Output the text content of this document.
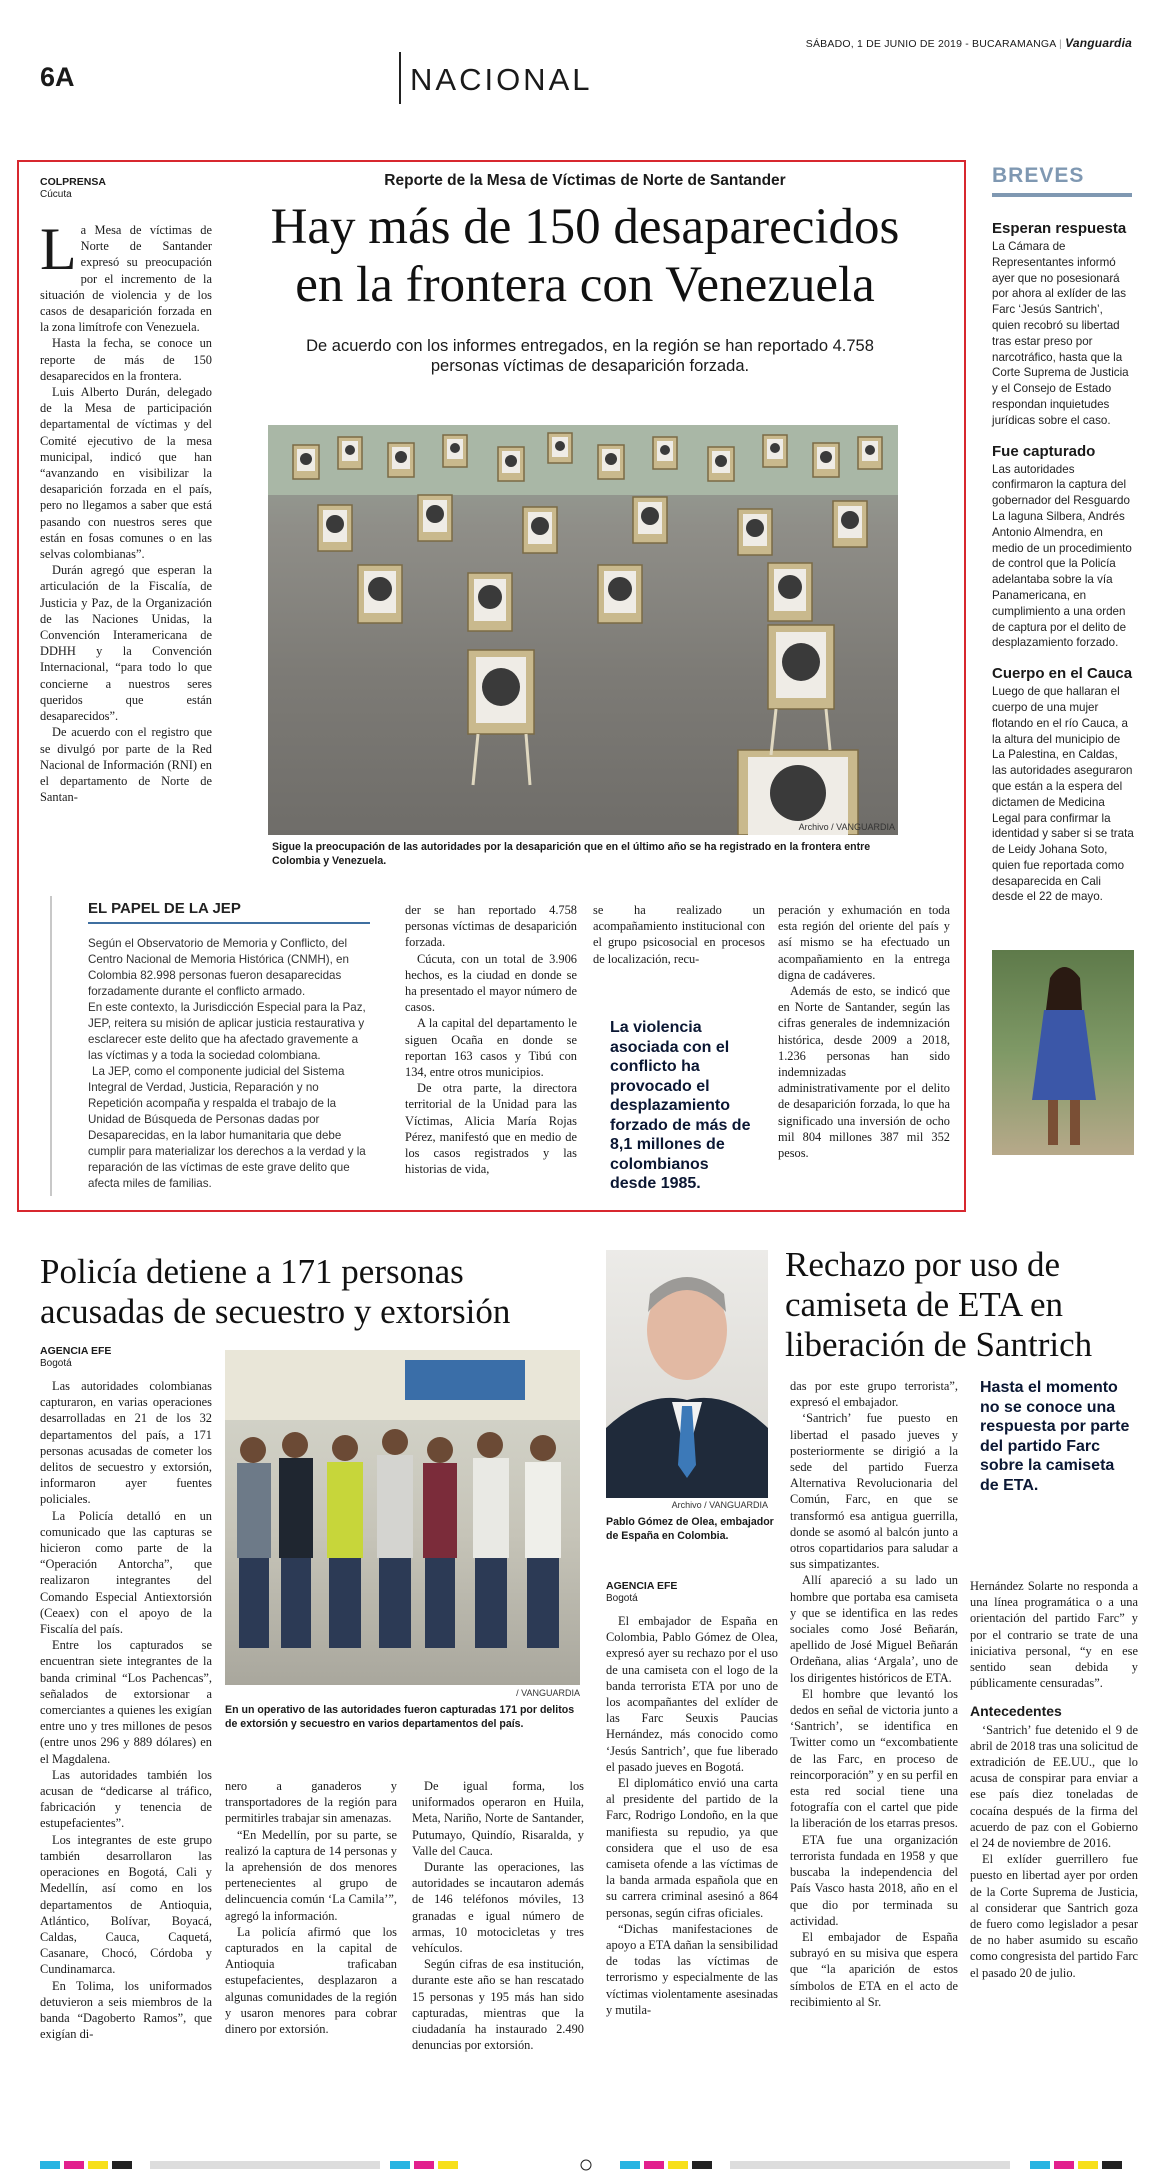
SÁBADO, 1 DE JUNIO DE 2019 - BUCARAMANGA | Vanguardia
6A	NACIONAL
Reporte de la Mesa de Víctimas de Norte de Santander
Hay más de 150 desaparecidos
en la frontera con Venezuela
De acuerdo con los informes entregados, en la región se han reportado 4.758 personas víctimas de desaparición forzada.
COLPRENSA
Cúcuta

La Mesa de víctimas de Norte de Santander expresó su preocupación por el incremento de la situación de violencia y de los casos de desaparición forzada en la zona limítrofe con Venezuela.

Hasta la fecha, se conoce un reporte de más de 150 desaparecidos en la frontera.

Luis Alberto Durán, delegado de la Mesa de participación departamental de víctimas y del Comité ejecutivo de la mesa municipal, indicó que han “avanzando en visibilizar la desaparición forzada en el país, pero no llegamos a saber que está pasando con nuestros seres que están en fosas comunes o en las selvas colombianas”.

Durán agregó que esperan la articulación de la Fiscalía, de Justicia y Paz, de la Organización de las Naciones Unidas, la Convención Interamericana de DDHH y la Convención Internacional, “para todo lo que concierne a nuestros seres queridos que están desaparecidos”.

De acuerdo con el registro que se divulgó por parte de la Red Nacional de Información (RNI) en el departamento de Norte de Santan-

Archivo / VANGUARDIA
Sigue la preocupación de las autoridades por la desaparición que en el último año se ha registrado en la frontera entre Colombia y Venezuela.
EL PAPEL DE LA JEP
Según el Observatorio de Memoria y Conflicto, del Centro Nacional de Memoria Histórica (CNMH), en Colombia 82.998 personas fueron desaparecidas forzadamente durante el conflicto armado.
En este contexto, la Jurisdicción Especial para la Paz, JEP, reitera su misión de aplicar justicia restaurativa y esclarecer este delito que ha afectado gravemente a las víctimas y a toda la sociedad colombiana.
La JEP, como el componente judicial del Sistema Integral de Verdad, Justicia, Reparación y no Repetición acompaña y respalda el trabajo de la Unidad de Búsqueda de Personas dadas por Desaparecidas, en la labor humanitaria que debe cumplir para materializar los derechos a la verdad y la reparación de las víctimas de este grave delito que afecta miles de familias.

der se han reportado 4.758 personas víctimas de desaparición forzada.

Cúcuta, con un total de 3.906 hechos, es la ciudad en donde se ha presentado el mayor número de casos.

A la capital del departamento le siguen Ocaña en donde se reportan 163 casos y Tibú con 134, entre otros municipios.

De otra parte, la directora territorial de la Unidad para las Víctimas, Alicia María Rojas Pérez, manifestó que en medio de los casos registrados y las historias de vida,

se ha realizado un acompañamiento institucional con el grupo psicosocial en procesos de localización, recu-

La violencia asociada con el conflicto ha provocado el desplazamiento forzado de más de 8,1 millones de colombianos desde 1985.

peración y exhumación en toda esta región del oriente del país y así mismo se ha efectuado un acompañamiento en la entrega digna de cadáveres.

Además de esto, se indicó que en Norte de Santander, según las cifras generales de indemnización histórica, desde 2009 a 2018, 1.236 personas han sido indemnizadas administrativamente por el delito de desaparición forzada, lo que ha significado una inversión de ocho mil 804 millones 387 mil 352 pesos.

BREVES
Esperan respuesta
La Cámara de Representantes informó ayer que no posesionará por ahora al exlíder de las Farc ‘Jesús Santrich’, quien recobró su libertad tras estar preso por narcotráfico, hasta que la Corte Suprema de Justicia y el Consejo de Estado respondan inquietudes jurídicas sobre el caso.
Fue capturado
Las autoridades confirmaron la captura del gobernador del Resguardo La laguna Silbera, Andrés Antonio Almendra, en medio de un procedimiento de control que la Policía adelantaba sobre la vía Panamericana, en cumplimiento a una orden de captura por el delito de desplazamiento forzado.
Cuerpo en el Cauca
Luego de que hallaran el cuerpo de una mujer flotando en el río Cauca, a la altura del municipio de La Palestina, en Caldas, las autoridades aseguraron que están a la espera del dictamen de Medicina Legal para confirmar la identidad y saber si se trata de Leidy Johana Soto, quien fue reportada como desaparecida en Cali desde el 22 de mayo.
Policía detiene a 171 personas
acusadas de secuestro y extorsión
AGENCIA EFE
Bogotá

Las autoridades colombianas capturaron, en varias operaciones desarrolladas en 21 de los 32 departamentos del país, a 171 personas acusadas de cometer los delitos de secuestro y extorsión, informaron ayer fuentes policiales.

La Policía detalló en un comunicado que las capturas se hicieron como parte de la “Operación Antorcha”, que realizaron integrantes del Comando Especial Antiextorsión (Ceaex) con el apoyo de la Fiscalía del país.

Entre los capturados se encuentran siete integrantes de la banda criminal “Los Pachencas”, señalados de extorsionar a comerciantes a quienes les exigían entre uno y tres millones de pesos (entre unos 296 y 889 dólares) en el Magdalena.

Las autoridades también los acusan de “dedicarse al tráfico, fabricación y tenencia de estupefacientes”.

Los integrantes de este grupo también desarrollaron las operaciones en Bogotá, Cali y Medellín, así como en los departamentos de Antioquia, Atlántico, Bolívar, Boyacá, Caldas, Cauca, Caquetá, Casanare, Chocó, Córdoba y Cundinamarca.

En Tolima, los uniformados detuvieron a seis miembros de la banda “Dagoberto Ramos”, que exigían di-

/ VANGUARDIA
En un operativo de las autoridades fueron capturadas 171 por delitos de extorsión y secuestro en varios departamentos del país.

nero a ganaderos y transportadores de la región para permitirles trabajar sin amenazas.

“En Medellín, por su parte, se realizó la captura de 14 personas y la aprehensión de dos menores pertenecientes al grupo de delincuencia común ‘La Camila’”, agregó la información.

La policía afirmó que los capturados en la capital de Antioquia traficaban estupefacientes, desplazaron a algunas comunidades de la región y usaron menores para cobrar dinero por extorsión.

De igual forma, los uniformados operaron en Huila, Meta, Nariño, Norte de Santander, Putumayo, Quindío, Risaralda, y Valle del Cauca.

Durante las operaciones, las autoridades se incautaron además de 146 teléfonos móviles, 13 granadas e igual número de armas, 10 motocicletas y tres vehículos.

Según cifras de esa institución, durante este año se han rescatado 15 personas y 195 más han sido capturadas, mientras que la ciudadanía ha instaurado 2.490 denuncias por extorsión.

Archivo / VANGUARDIA
Pablo Gómez de Olea, embajador de España en Colombia.
Rechazo por uso de camiseta de ETA en liberación de Santrich
AGENCIA EFE
Bogotá

El embajador de España en Colombia, Pablo Gómez de Olea, expresó ayer su rechazo por el uso de una camiseta con el logo de la banda terrorista ETA por uno de los acompañantes del exlíder de las Farc Seuxis Paucias Hernández, más conocido como ‘Jesús Santrich’, que fue liberado el pasado jueves en Bogotá.

El diplomático envió una carta al presidente del partido de la Farc, Rodrigo Londoño, en la que manifiesta su repudio, ya que considera que el uso de esa camiseta ofende a las víctimas de la banda armada española que en su carrera criminal asesinó a 864 personas, según cifras oficiales.

“Dichas manifestaciones de apoyo a ETA dañan la sensibilidad de todas las víctimas de terrorismo y especialmente de las víctimas violentamente asesinadas y mutila-

das por este grupo terrorista”, expresó el embajador.

‘Santrich’ fue puesto en libertad el pasado jueves y posteriormente se dirigió a la sede del partido Fuerza Alternativa Revolucionaria del Común, Farc, en que se transformó esa antigua guerrilla, donde se asomó al balcón junto a otros copartidarios para saludar a sus simpatizantes.

Allí apareció a su lado un hombre que portaba esa camiseta y que se identifica en las redes sociales como José Beñarán, apellido de José Miguel Beñarán Ordeñana, alias ‘Argala’, uno de los dirigentes históricos de ETA.

El hombre que levantó los dedos en señal de victoria junto a ‘Santrich’, se identifica en Twitter como un “excombatiente de las Farc, en proceso de reincorporación” y en su perfil en esta red social tiene una fotografía con el cartel que pide la liberación de los etarras presos.

ETA fue una organización terrorista fundada en 1958 y que buscaba la independencia del País Vasco hasta 2018, año en el que dio por terminada su actividad.

El embajador de España subrayó en su misiva que espera que “la aparición de estos símbolos de ETA en el acto de recibimiento al Sr.

Hasta el momento no se conoce una respuesta por parte del partido Farc sobre la camiseta de ETA.

Hernández Solarte no responda a una línea programática o a una orientación del partido Farc” y por el contrario se trate de una iniciativa personal, “y en ese sentido sean debida y públicamente censuradas”.

Antecedentes

‘Santrich’ fue detenido el 9 de abril de 2018 tras una solicitud de extradición de EE.UU., que lo acusa de conspirar para enviar a ese país diez toneladas de cocaína después de la firma del acuerdo de paz con el Gobierno el 24 de noviembre de 2016.

El exlíder guerrillero fue puesto en libertad ayer por orden de la Corte Suprema de Justicia, al considerar que Santrich goza de fuero como legislador a pesar de no haber asumido su escaño como congresista del partido Farc el pasado 20 de julio.
